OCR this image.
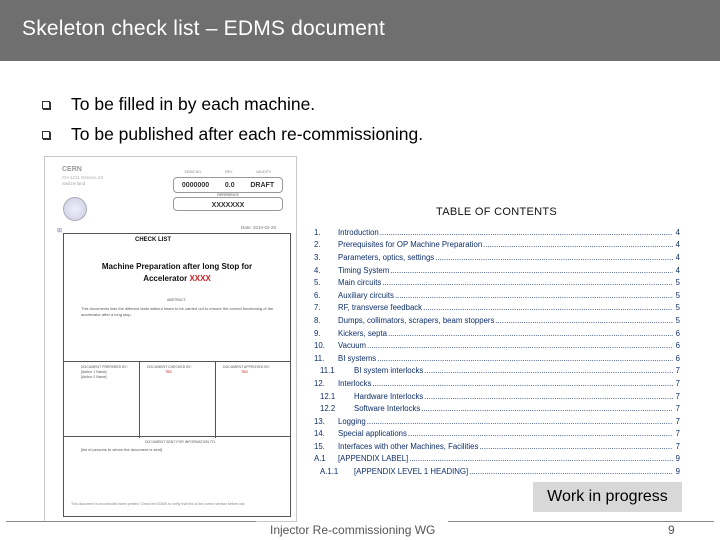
Skeleton check list – EDMS document
To be filled in by each machine.
To be published after each re-commissioning.
CERN
CH-1211 Geneva 23
Switzerland
EDMS NO.	REV.	VALIDITY
0000000 0.0 DRAFT
REFERENCE
XXXXXXX
Date: 2010-02-28
⊞
CHECK LIST
Machine Preparation after long Stop for
Accelerator XXXX
ABSTRACT:
This documents lists the different tests without beam to be carried out to ensure the correct functioning of the accelerator after a long stop.
DOCUMENT PREPARED BY:
[Author 1 Name]
[Author 2 Name]
DOCUMENT CHECKED BY:
TBD
DOCUMENT APPROVED BY:
TBD
DOCUMENT SENT FOR INFORMATION TO:
[list of persons to whom the document is sent]
This document is uncontrolled when printed. Check the EDMS to verify that this is the correct version before use.
TABLE OF CONTENTS
1.	Introduction .....	4
2.	Prerequisites for OP Machine Preparation .....	4
3.	Parameters, optics, settings .....	4
4.	Timing System .....	4
5.	Main circuits .....	5
6.	Auxiliary circuits .....	5
7.	RF, transverse feedback .....	5
8.	Dumps, collimators, scrapers, beam stoppers .....	5
9.	Kickers, septa .....	6
10.	Vacuum .....	6
11.	BI systems .....	6
11.1	BI system interlocks .....	7
12.	Interlocks .....	7
12.1	Hardware Interlocks .....	7
12.2	Software Interlocks .....	7
13.	Logging .....	7
14.	Special applications .....	7
15.	Interfaces with other Machines, Facilities .....	7
A.1	[APPENDIX LABEL] .....	9
A.1.1	[APPENDIX LEVEL 1 HEADING] .....	9
Work in progress
Injector Re-commissioning WG	9
